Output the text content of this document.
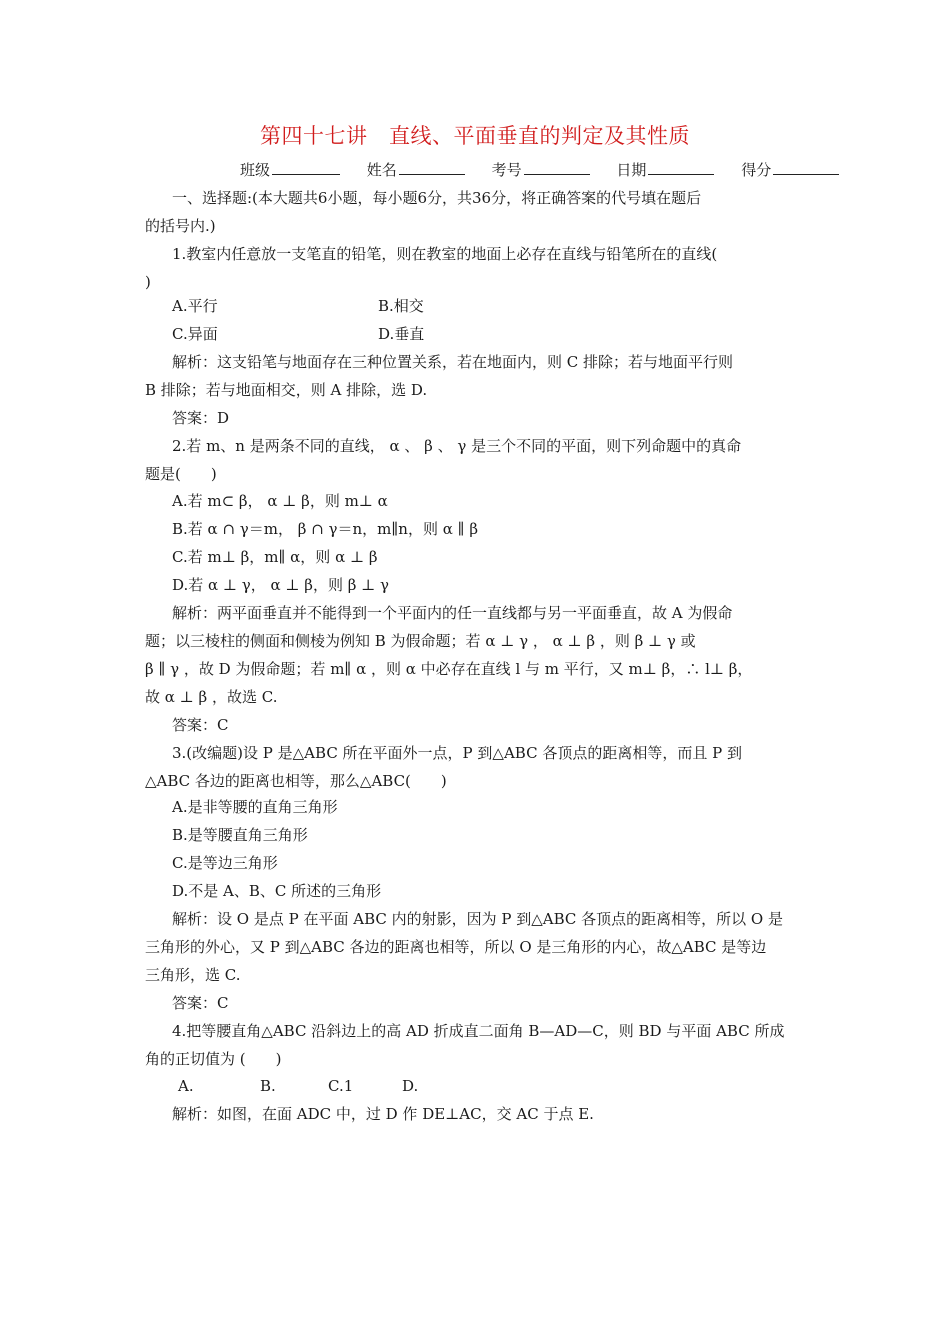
第四十七讲　直线、平面垂直的判定及其性质
班级	姓名	考号	日期	得分
一、选择题:(本大题共6小题，每小题6分，共36分，将正确答案的代号填在题后
的括号内.)
1.教室内任意放一支笔直的铅笔，则在教室的地面上必存在直线与铅笔所在的直线(
)
A.平行	B.相交
C.异面	D.垂直
解析：这支铅笔与地面存在三种位置关系，若在地面内，则 C 排除；若与地面平行则
B 排除；若与地面相交，则 A 排除，选 D.
答案：D
2.若 m、n 是两条不同的直线， α 、 β 、 γ 是三个不同的平面，则下列命题中的真命
题是(　　)
A.若 m⊂ β， α ⊥ β，则 m⊥ α
B.若 α ∩ γ＝m， β ∩ γ＝n，m∥n，则 α ∥ β
C.若 m⊥ β，m∥ α，则 α ⊥ β
D.若 α ⊥ γ， α ⊥ β，则 β ⊥ γ
解析：两平面垂直并不能得到一个平面内的任一直线都与另一平面垂直，故 A 为假命
题；以三棱柱的侧面和侧棱为例知 B 为假命题；若 α ⊥ γ ， α ⊥ β ，则 β ⊥ γ 或
β ∥ γ ，故 D 为假命题；若 m∥ α ，则 α 中必存在直线 l 与 m 平行，又 m⊥ β，∴ l⊥ β，
故 α ⊥ β ，故选 C.
答案：C
3.(改编题)设 P 是△ABC 所在平面外一点，P 到△ABC 各顶点的距离相等，而且 P 到
△ABC 各边的距离也相等，那么△ABC(　　)
A.是非等腰的直角三角形
B.是等腰直角三角形
C.是等边三角形
D.不是 A、B、C 所述的三角形
解析：设 O 是点 P 在平面 ABC 内的射影，因为 P 到△ABC 各顶点的距离相等，所以 O 是
三角形的外心，又 P 到△ABC 各边的距离也相等，所以 O 是三角形的内心，故△ABC 是等边
三角形，选 C.
答案：C
4.把等腰直角△ABC 沿斜边上的高 AD 折成直二面角 B—AD—C，则 BD 与平面 ABC 所成
角的正切值为 (　　)
A.	B.	C.1	D.
解析：如图，在面 ADC 中，过 D 作 DE⊥AC，交 AC 于点 E.
